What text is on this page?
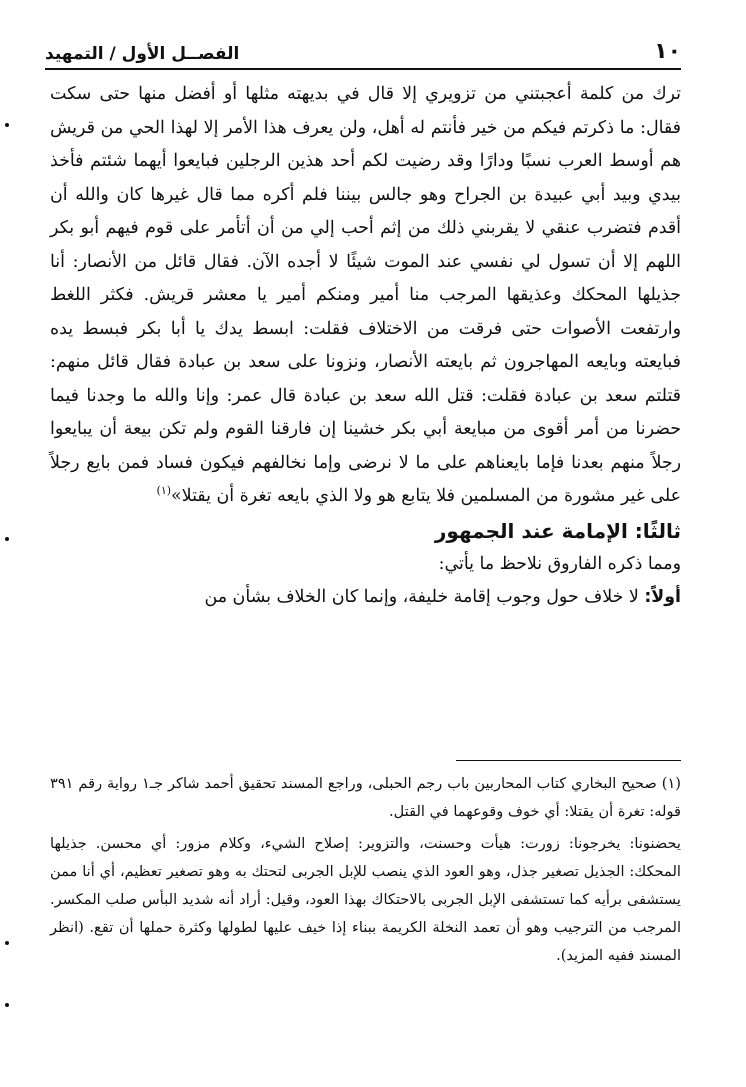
١٠
الفصــل الأول / التمهيد

ترك من كلمة أعجبتني من تزويري إلا قال في بديهته مثلها أو أفضل منها حتى سكت فقال: ما ذكرتم فيكم من خير فأنتم له أهل، ولن يعرف هذا الأمر إلا لهذا الحي من قريش هم أوسط العرب نسبًا ودارًا وقد رضيت لكم أحد هذين الرجلين فبايعوا أيهما شئتم فأخذ بيدي وبيد أبي عبيدة بن الجراح وهو جالس بيننا فلم أكره مما قال غيرها كان والله أن أقدم فتضرب عنقي لا يقربني ذلك من إثم أحب إلي من أن أتأمر على قوم فيهم أبو بكر اللهم إلا أن تسول لي نفسي عند الموت شيئًا لا أجده الآن. فقال قائل من الأنصار: أنا جذيلها المحكك وعذيقها المرجب منا أمير ومنكم أمير يا معشر قريش. فكثر اللغط وارتفعت الأصوات حتى فرقت من الاختلاف فقلت: ابسط يدك يا أبا بكر فبسط يده فبايعته وبايعه المهاجرون ثم بايعته الأنصار، ونزونا على سعد بن عبادة فقال قائل منهم: قتلتم سعد بن عبادة فقلت: قتل الله سعد بن عبادة قال عمر: وإنا والله ما وجدنا فيما حضرنا من أمر أقوى من مبايعة أبي بكر خشينا إن فارقنا القوم ولم تكن بيعة أن يبايعوا رجلاً منهم بعدنا فإما بايعناهم على ما لا نرضى وإما نخالفهم فيكون فساد فمن بايع رجلاً على غير مشورة من المسلمين فلا يتابع هو ولا الذي بايعه تغرة أن يقتلا»$^{(١)}$

ثالثًا: الإمامة عند الجمهور

ومما ذكره الفاروق نلاحظ ما يأتي:

أولاً: لا خلاف حول وجوب إقامة خليفة، وإنما كان الخلاف بشأن من

(١) صحيح البخاري كتاب المحاربين باب رجم الحبلى، وراجع المسند تحقيق أحمد شاكر جـ١ رواية رقم ٣٩١ قوله: تغرة أن يقتلا: أي خوف وقوعهما في القتل.

يحضنونا: يخرجونا: زورت: هيأت وحسنت، والتزوير: إصلاح الشيء، وكلام مزور: أي محسن. جذيلها المحكك: الجذيل تصغير جذل، وهو العود الذي ينصب للإبل الجربى لتحتك به وهو تصغير تعظيم، أي أنا ممن يستشفى برأيه كما تستشفى الإبل الجربى بالاحتكاك بهذا العود، وقيل: أراد أنه شديد البأس صلب المكسر. المرجب من الترجيب وهو أن تعمد النخلة الكريمة ببناء إذا خيف عليها لطولها وكثرة حملها أن تقع. (انظر المسند ففيه المزيد).
